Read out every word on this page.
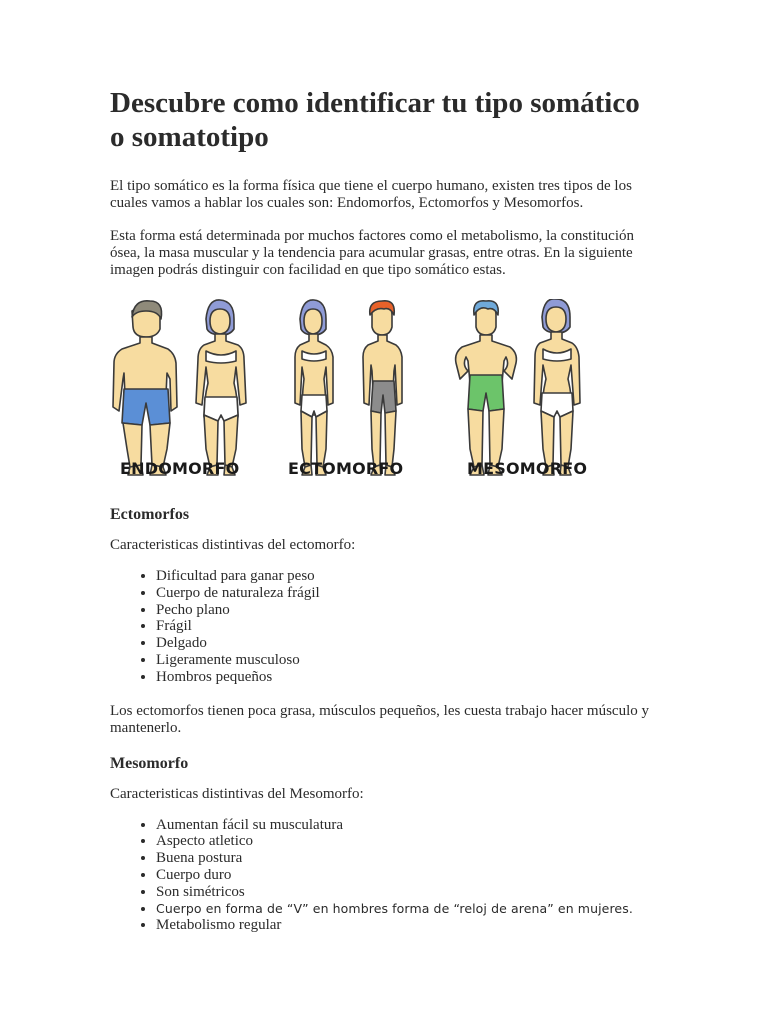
Descubre como identificar tu tipo somático o somatotipo

El tipo somático es la forma física que tiene el cuerpo humano, existen tres tipos de los cuales vamos a hablar los cuales son: Endomorfos, Ectomorfos y Mesomorfos.

Esta forma está determinada por muchos factores como el metabolismo, la constitución ósea, la masa muscular y la tendencia para acumular grasas, entre otras. En la siguiente imagen podrás distinguir con facilidad en que tipo somático estas.

ENDOMORFO	ECTOMORFO	MESOMORFO
Ectomorfos

Caracteristicas distintivas del ectomorfo:

• Dificultad para ganar peso
• Cuerpo de naturaleza frágil
• Pecho plano
• Frágil
• Delgado
• Ligeramente musculoso
• Hombros pequeños

Los ectomorfos tienen poca grasa, músculos pequeños, les cuesta trabajo hacer músculo y mantenerlo.

Mesomorfo

Caracteristicas distintivas del Mesomorfo:

• Aumentan fácil su musculatura
• Aspecto atletico
• Buena postura
• Cuerpo duro
• Son simétricos
• Cuerpo en forma de “V” en hombres forma de “reloj de arena” en mujeres.
• Metabolismo regular
